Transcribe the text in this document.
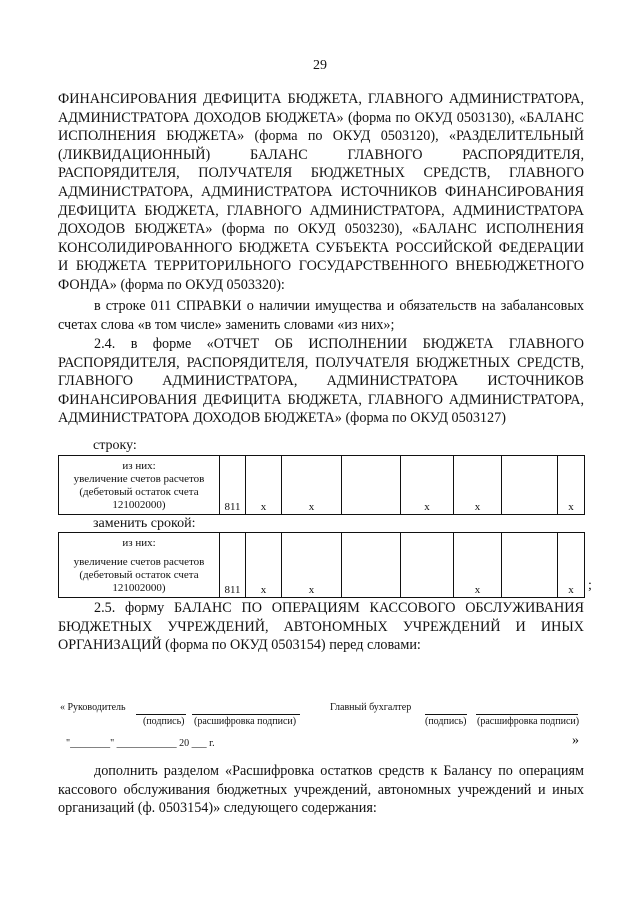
29

ФИНАНСИРОВАНИЯ ДЕФИЦИТА БЮДЖЕТА, ГЛАВНОГО АДМИНИСТРАТОРА, АДМИНИСТРАТОРА ДОХОДОВ БЮДЖЕТА» (форма по ОКУД 0503130), «БАЛАНС ИСПОЛНЕНИЯ БЮДЖЕТА» (форма по ОКУД 0503120), «РАЗДЕЛИТЕЛЬНЫЙ (ЛИКВИДАЦИОННЫЙ) БАЛАНС ГЛАВНОГО РАСПОРЯДИТЕЛЯ, РАСПОРЯДИТЕЛЯ, ПОЛУЧАТЕЛЯ БЮДЖЕТНЫХ СРЕДСТВ, ГЛАВНОГО АДМИНИСТРАТОРА, АДМИНИСТРАТОРА ИСТОЧНИКОВ ФИНАНСИРОВАНИЯ ДЕФИЦИТА БЮДЖЕТА, ГЛАВНОГО АДМИНИСТРАТОРА, АДМИНИСТРАТОРА ДОХОДОВ БЮДЖЕТА» (форма по ОКУД 0503230), «БАЛАНС ИСПОЛНЕНИЯ КОНСОЛИДИРОВАННОГО БЮДЖЕТА СУБЪЕКТА РОССИЙСКОЙ ФЕДЕРАЦИИ И БЮДЖЕТА ТЕРРИТОРИЛЬНОГО ГОСУДАРСТВЕННОГО ВНЕБЮДЖЕТНОГО ФОНДА» (форма по ОКУД 0503320):

в строке 011 СПРАВКИ о наличии имущества и обязательств на забалансовых счетах слова «в том числе» заменить словами «из них»;

2.4. в форме «ОТЧЕТ ОБ ИСПОЛНЕНИИ БЮДЖЕТА ГЛАВНОГО РАСПОРЯДИТЕЛЯ, РАСПОРЯДИТЕЛЯ, ПОЛУЧАТЕЛЯ БЮДЖЕТНЫХ СРЕДСТВ, ГЛАВНОГО АДМИНИСТРАТОРА, АДМИНИСТРАТОРА ИСТОЧНИКОВ ФИНАНСИРОВАНИЯ ДЕФИЦИТА БЮДЖЕТА, ГЛАВНОГО АДМИНИСТРАТОРА, АДМИНИСТРАТОРА ДОХОДОВ БЮДЖЕТА» (форма по ОКУД 0503127)

строку:

из них:
увеличение счетов расчетов
(дебетовый остаток счета
121002000)	811	x	x		x	x		x

заменить срокой:

из них:
увеличение счетов расчетов
(дебетовый остаток счета
121002000)	811	x	x			x		x ;

2.5. форму БАЛАНС ПО ОПЕРАЦИЯМ КАССОВОГО ОБСЛУЖИВАНИЯ БЮДЖЕТНЫХ УЧРЕЖДЕНИЙ, АВТОНОМНЫХ УЧРЕЖДЕНИЙ И ИНЫХ ОРГАНИЗАЦИЙ (форма по ОКУД 0503154) перед словами:

« Руководитель
(подпись) (расшифровка подписи)
Главный бухгалтер
(подпись) (расшифровка подписи)
"________" ____________ 20 ___ г.	»

дополнить разделом «Расшифровка остатков средств к Балансу по операциям кассового обслуживания бюджетных учреждений, автономных учреждений и иных организаций (ф. 0503154)» следующего содержания:
